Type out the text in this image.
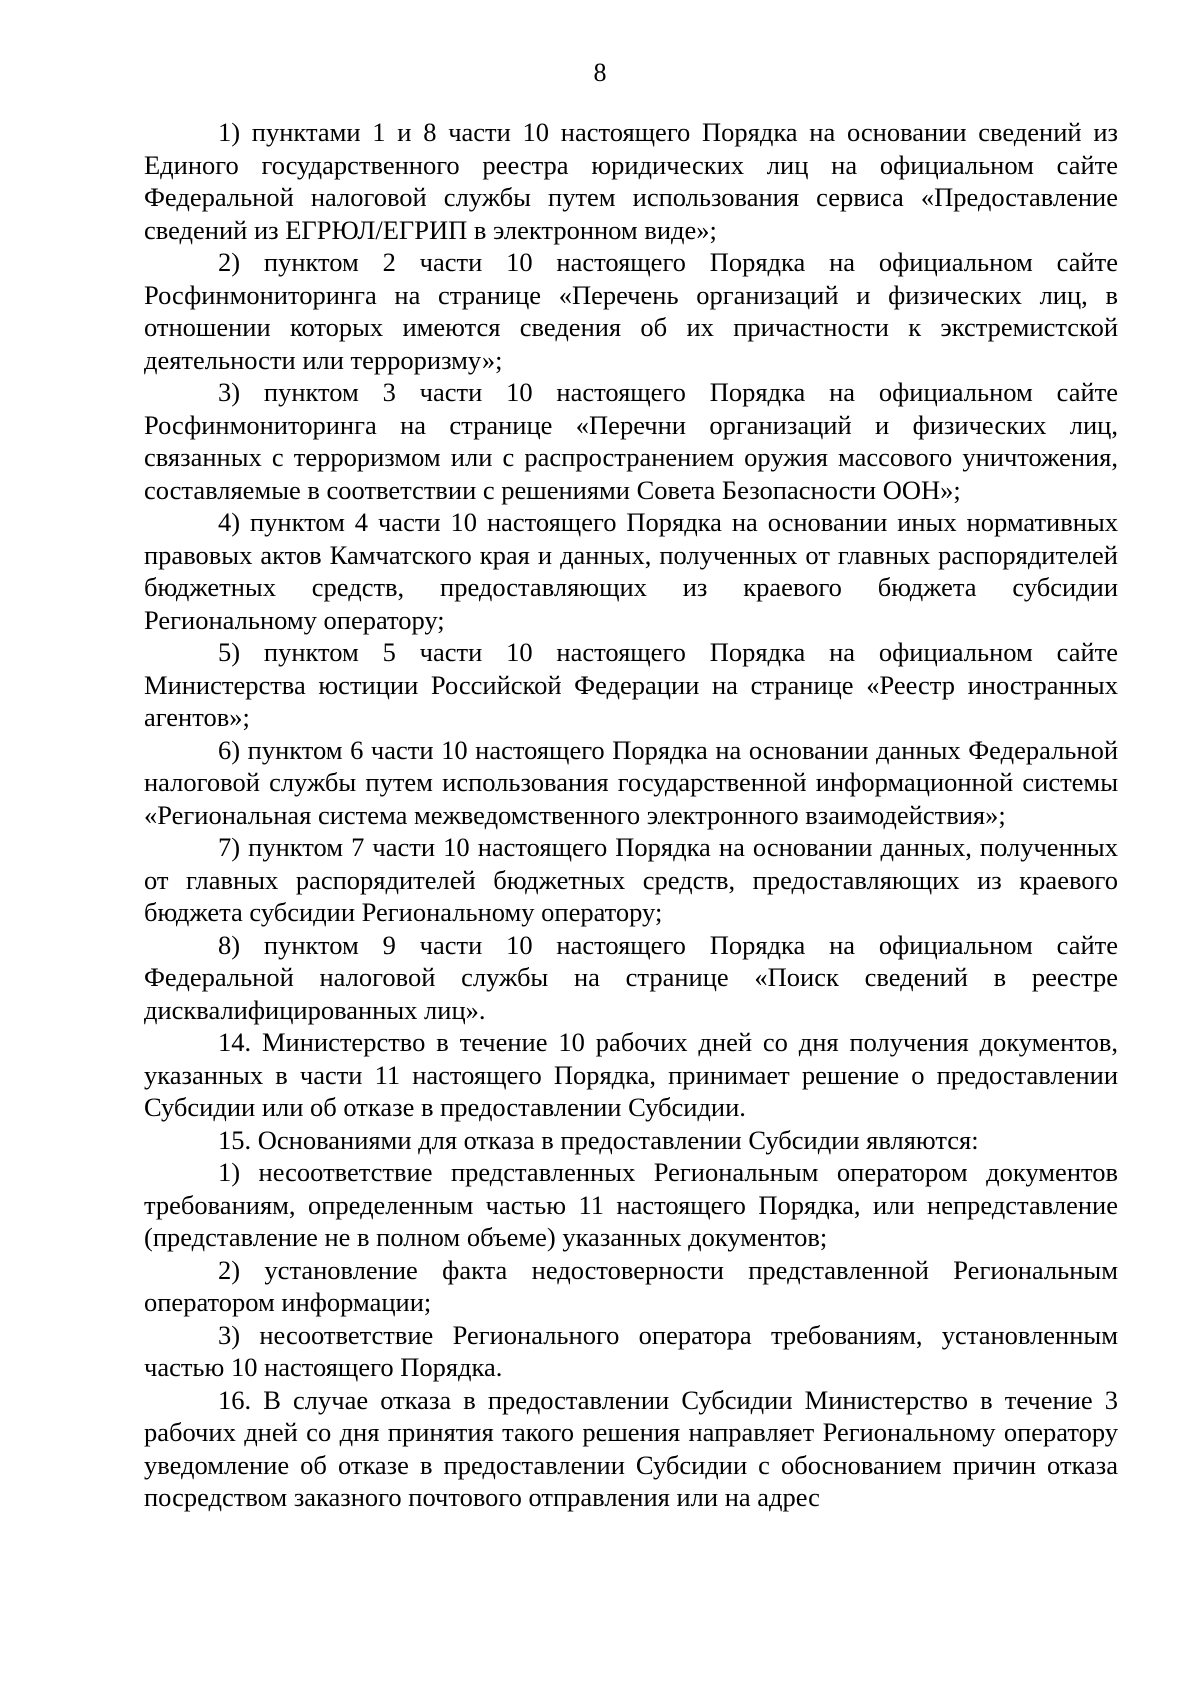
8

1) пунктами 1 и 8 части 10 настоящего Порядка на основании сведений из Единого государственного реестра юридических лиц на официальном сайте Федеральной налоговой службы путем использования сервиса «Предоставление сведений из ЕГРЮЛ/ЕГРИП в электронном виде»;

2) пунктом 2 части 10 настоящего Порядка на официальном сайте Росфинмониторинга на странице «Перечень организаций и физических лиц, в отношении которых имеются сведения об их причастности к экстремистской деятельности или терроризму»;

3) пунктом 3 части 10 настоящего Порядка на официальном сайте Росфинмониторинга на странице «Перечни организаций и физических лиц, связанных с терроризмом или с распространением оружия массового уничтожения, составляемые в соответствии с решениями Совета Безопасности ООН»;

4) пунктом 4 части 10 настоящего Порядка на основании иных нормативных правовых актов Камчатского края и данных, полученных от главных распорядителей бюджетных средств, предоставляющих из краевого бюджета субсидии Региональному оператору;

5) пунктом 5 части 10 настоящего Порядка на официальном сайте Министерства юстиции Российской Федерации на странице «Реестр иностранных агентов»;

6) пунктом 6 части 10 настоящего Порядка на основании данных Федеральной налоговой службы путем использования государственной информационной системы «Региональная система межведомственного электронного взаимодействия»;

7) пунктом 7 части 10 настоящего Порядка на основании данных, полученных от главных распорядителей бюджетных средств, предоставляющих из краевого бюджета субсидии Региональному оператору;

8) пунктом 9 части 10 настоящего Порядка на официальном сайте Федеральной налоговой службы на странице «Поиск сведений в реестре дисквалифицированных лиц».

14. Министерство в течение 10 рабочих дней со дня получения документов, указанных в части 11 настоящего Порядка, принимает решение о предоставлении Субсидии или об отказе в предоставлении Субсидии.

15. Основаниями для отказа в предоставлении Субсидии являются:

1) несоответствие представленных Региональным оператором документов требованиям, определенным частью 11 настоящего Порядка, или непредставление (представление не в полном объеме) указанных документов;

2) установление факта недостоверности представленной Региональным оператором информации;

3) несоответствие Регионального оператора требованиям, установленным частью 10 настоящего Порядка.

16. В случае отказа в предоставлении Субсидии Министерство в течение 3 рабочих дней со дня принятия такого решения направляет Региональному оператору уведомление об отказе в предоставлении Субсидии с обоснованием причин отказа посредством заказного почтового отправления или на адрес
